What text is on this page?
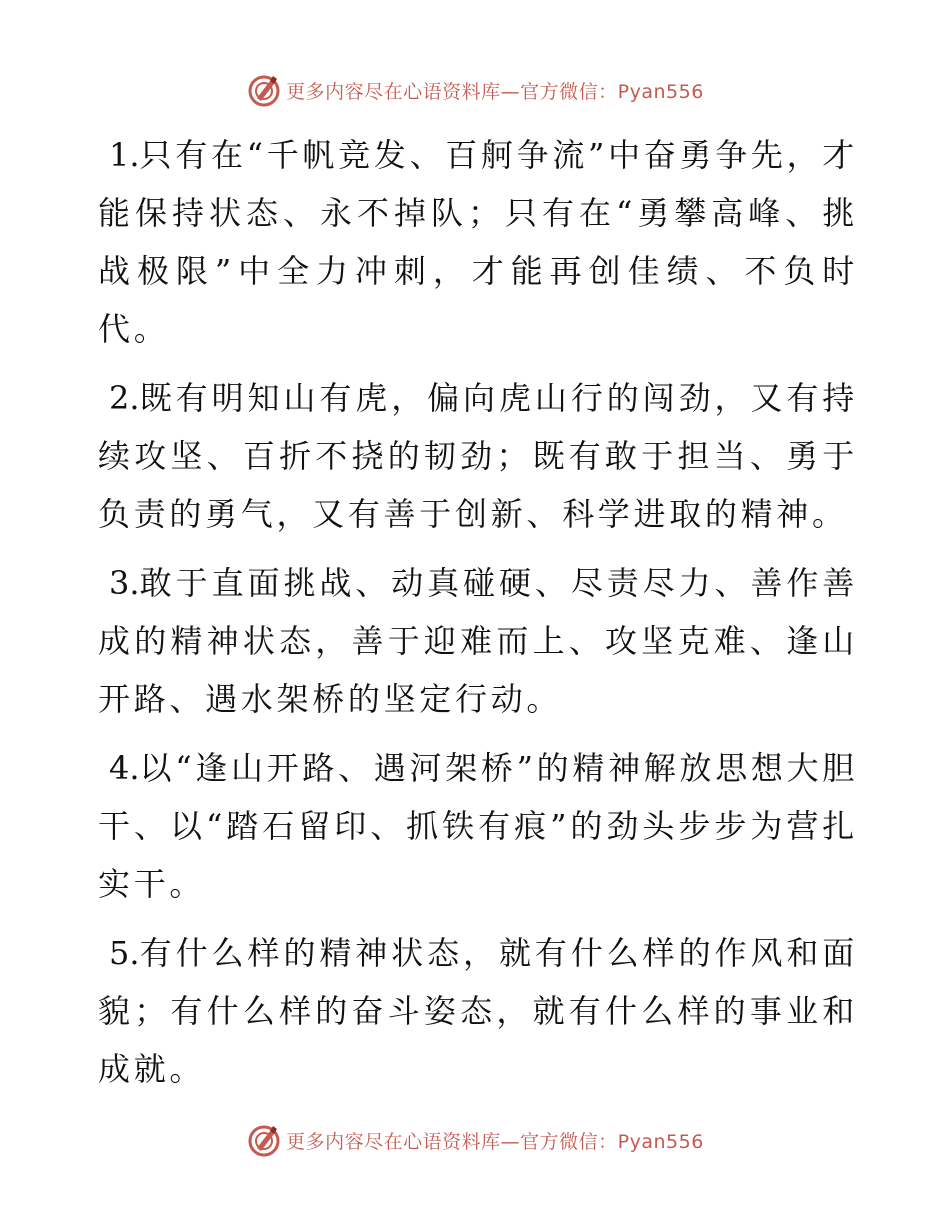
更多内容尽在心语资料库—官方微信：Pyan556

1.只有在“千帆竞发、百舸争流”中奋勇争先，才能保持状态、永不掉队；只有在“勇攀高峰、挑战极限”中全力冲刺，才能再创佳绩、不负时代。

2.既有明知山有虎，偏向虎山行的闯劲，又有持续攻坚、百折不挠的韧劲；既有敢于担当、勇于负责的勇气，又有善于创新、科学进取的精神。

3.敢于直面挑战、动真碰硬、尽责尽力、善作善成的精神状态，善于迎难而上、攻坚克难、逢山开路、遇水架桥的坚定行动。

4.以“逢山开路、遇河架桥”的精神解放思想大胆干、以“踏石留印、抓铁有痕”的劲头步步为营扎实干。

5.有什么样的精神状态，就有什么样的作风和面貌；有什么样的奋斗姿态，就有什么样的事业和成就。

更多内容尽在心语资料库—官方微信：Pyan556
